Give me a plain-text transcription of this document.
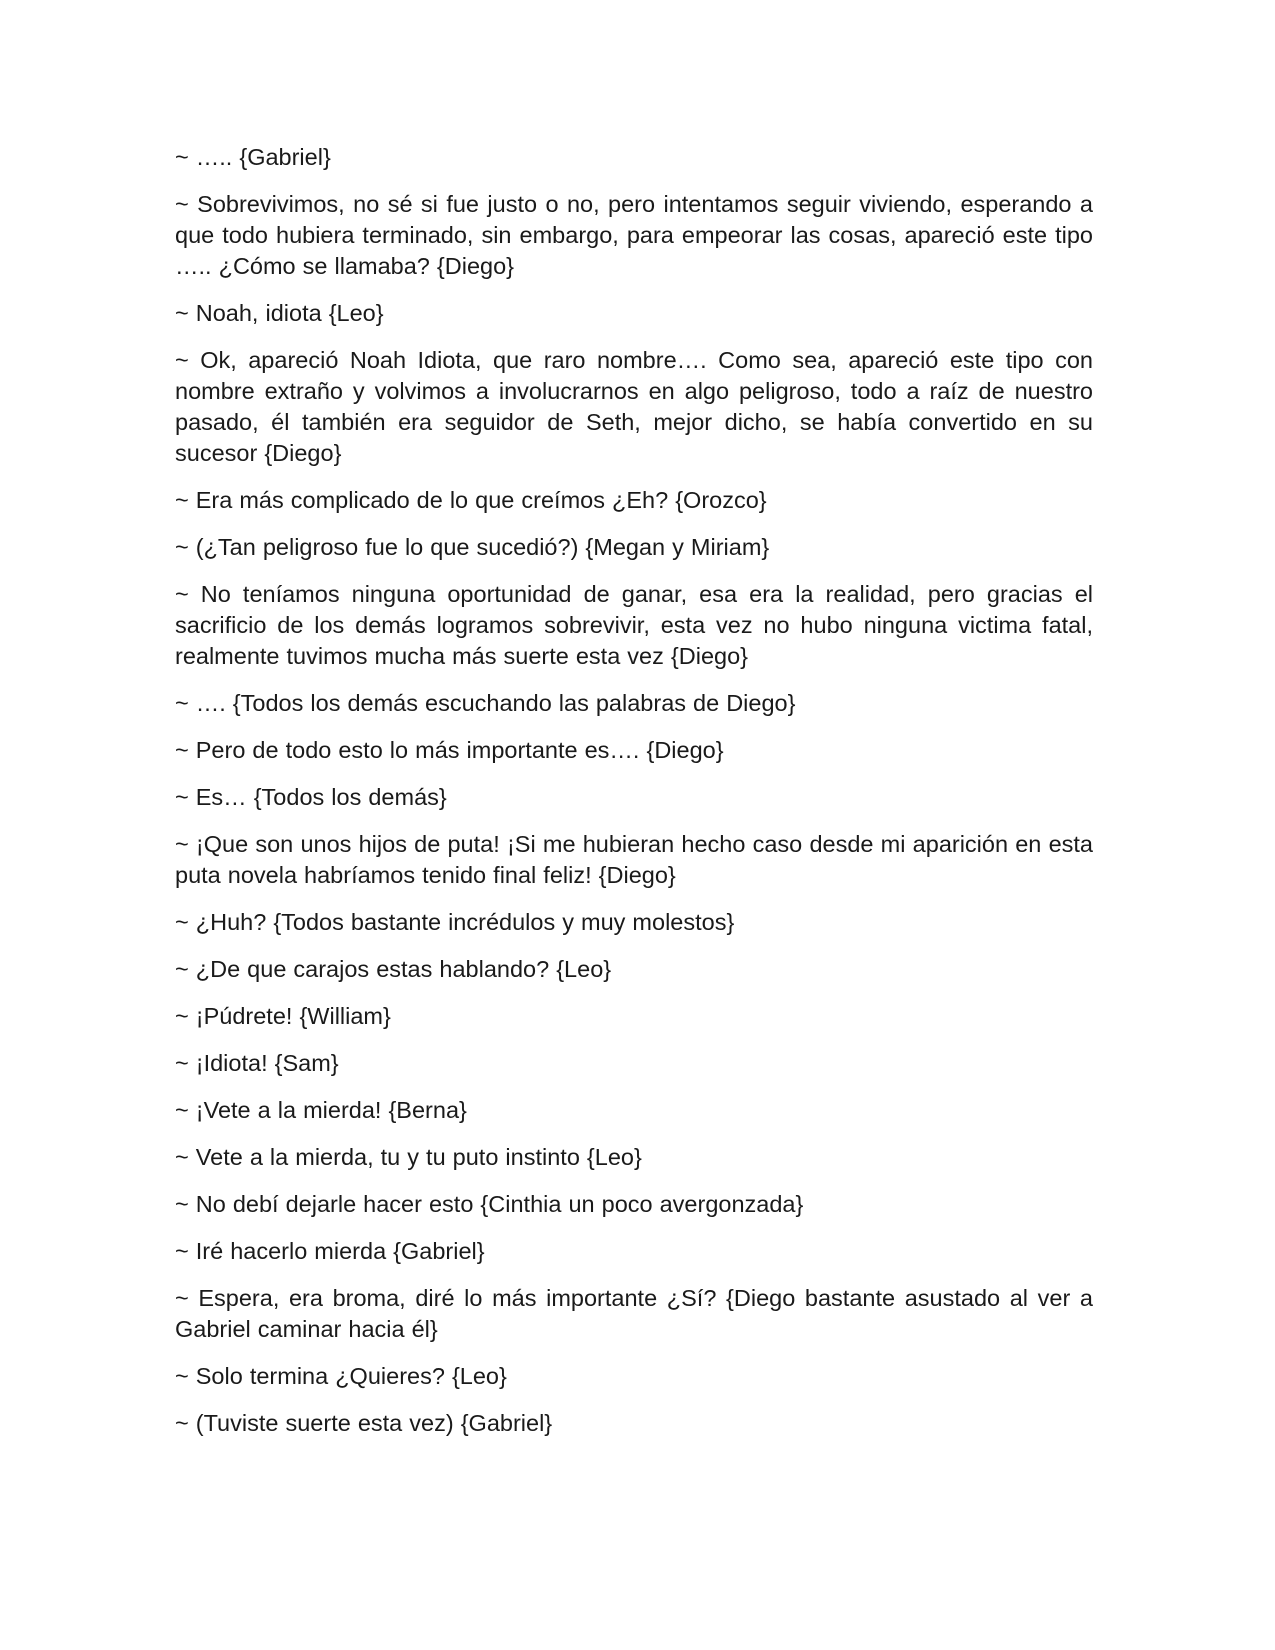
~ ….. {Gabriel}

~ Sobrevivimos, no sé si fue justo o no, pero intentamos seguir viviendo, esperando a que todo hubiera terminado, sin embargo, para empeorar las cosas, apareció este tipo ….. ¿Cómo se llamaba? {Diego}

~ Noah, idiota {Leo}

~ Ok, apareció Noah Idiota, que raro nombre…. Como sea, apareció este tipo con nombre extraño y volvimos a involucrarnos en algo peligroso, todo a raíz de nuestro pasado, él también era seguidor de Seth, mejor dicho, se había convertido en su sucesor {Diego}

~ Era más complicado de lo que creímos ¿Eh? {Orozco}

~ (¿Tan peligroso fue lo que sucedió?) {Megan y Miriam}

~ No teníamos ninguna oportunidad de ganar, esa era la realidad, pero gracias el sacrificio de los demás logramos sobrevivir, esta vez no hubo ninguna victima fatal, realmente tuvimos mucha más suerte esta vez {Diego}

~ …. {Todos los demás escuchando las palabras de Diego}

~ Pero de todo esto lo más importante es…. {Diego}

~ Es… {Todos los demás}

~ ¡Que son unos hijos de puta! ¡Si me hubieran hecho caso desde mi aparición en esta puta novela habríamos tenido final feliz! {Diego}

~ ¿Huh? {Todos bastante incrédulos y muy molestos}

~ ¿De que carajos estas hablando? {Leo}

~ ¡Púdrete! {William}

~ ¡Idiota! {Sam}

~ ¡Vete a la mierda! {Berna}

~ Vete a la mierda, tu y tu puto instinto {Leo}

~ No debí dejarle hacer esto {Cinthia un poco avergonzada}

~ Iré hacerlo mierda {Gabriel}

~ Espera, era broma, diré lo más importante ¿Sí? {Diego bastante asustado al ver a Gabriel caminar hacia él}

~ Solo termina ¿Quieres? {Leo}

~ (Tuviste suerte esta vez) {Gabriel}
